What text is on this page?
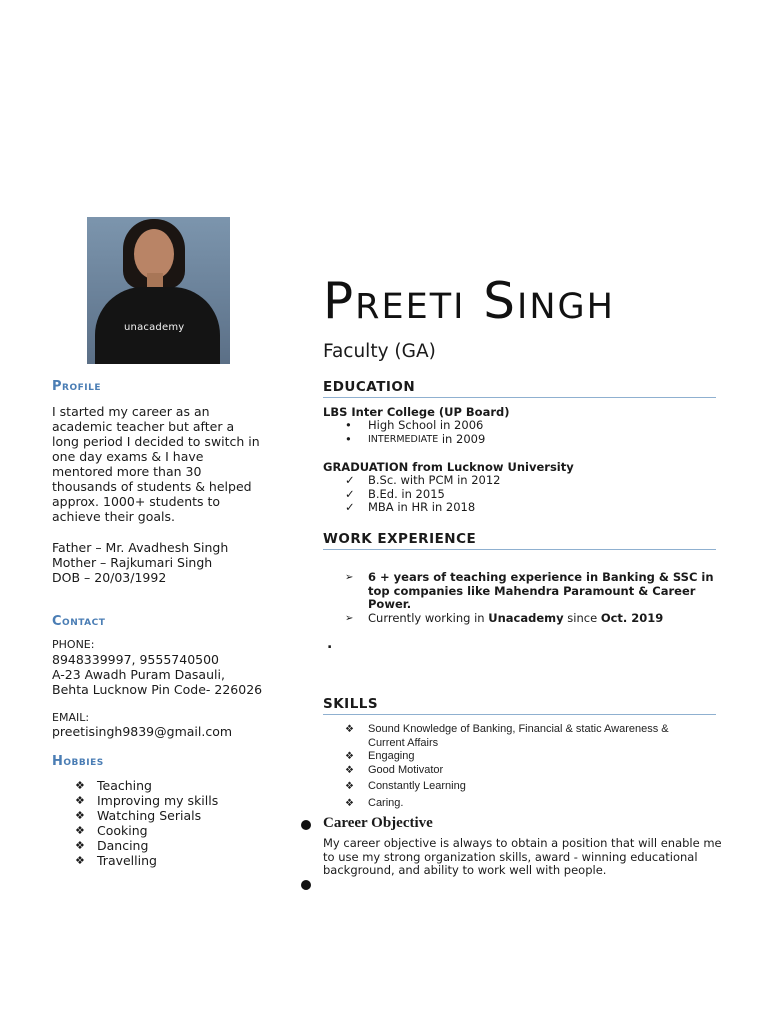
unacademy
Profile
I started my career as an
academic teacher but after a
long period I decided to switch in
one day exams & I have
mentored more than 30
thousands of students & helped
approx. 1000+ students to
achieve their goals.
Father – Mr. Avadhesh Singh
Mother – Rajkumari Singh
DOB – 20/03/1992
Contact
PHONE:
8948339997, 9555740500
A-23 Awadh Puram Dasauli,
Behta Lucknow Pin Code- 226026
EMAIL:
preetisingh9839@gmail.com
Hobbies
❖ Teaching
❖ Improving my skills
❖ Watching Serials
❖ Cooking
❖ Dancing
❖ Travelling
Preeti Singh
Faculty (GA)
EDUCATION
LBS Inter College (UP Board)
•	High School in 2006
•	INTERMEDIATE in 2009
GRADUATION from Lucknow University
✓	B.Sc. with PCM in 2012
✓	B.Ed. in 2015
✓	MBA in HR in 2018
WORK EXPERIENCE
➢	6 + years of teaching experience in Banking & SSC in
top companies like Mahendra Paramount & Career
Power.
➢	Currently working in Unacademy since Oct. 2019
.
SKILLS
❖	Sound Knowledge of Banking, Financial & static Awareness &
Current Affairs
❖	Engaging
❖	Good Motivator
❖	Constantly Learning
❖	Caring.
Career Objective
My career objective is always to obtain a position that will enable me
to use my strong organization skills, award - winning educational
background, and ability to work well with people.
